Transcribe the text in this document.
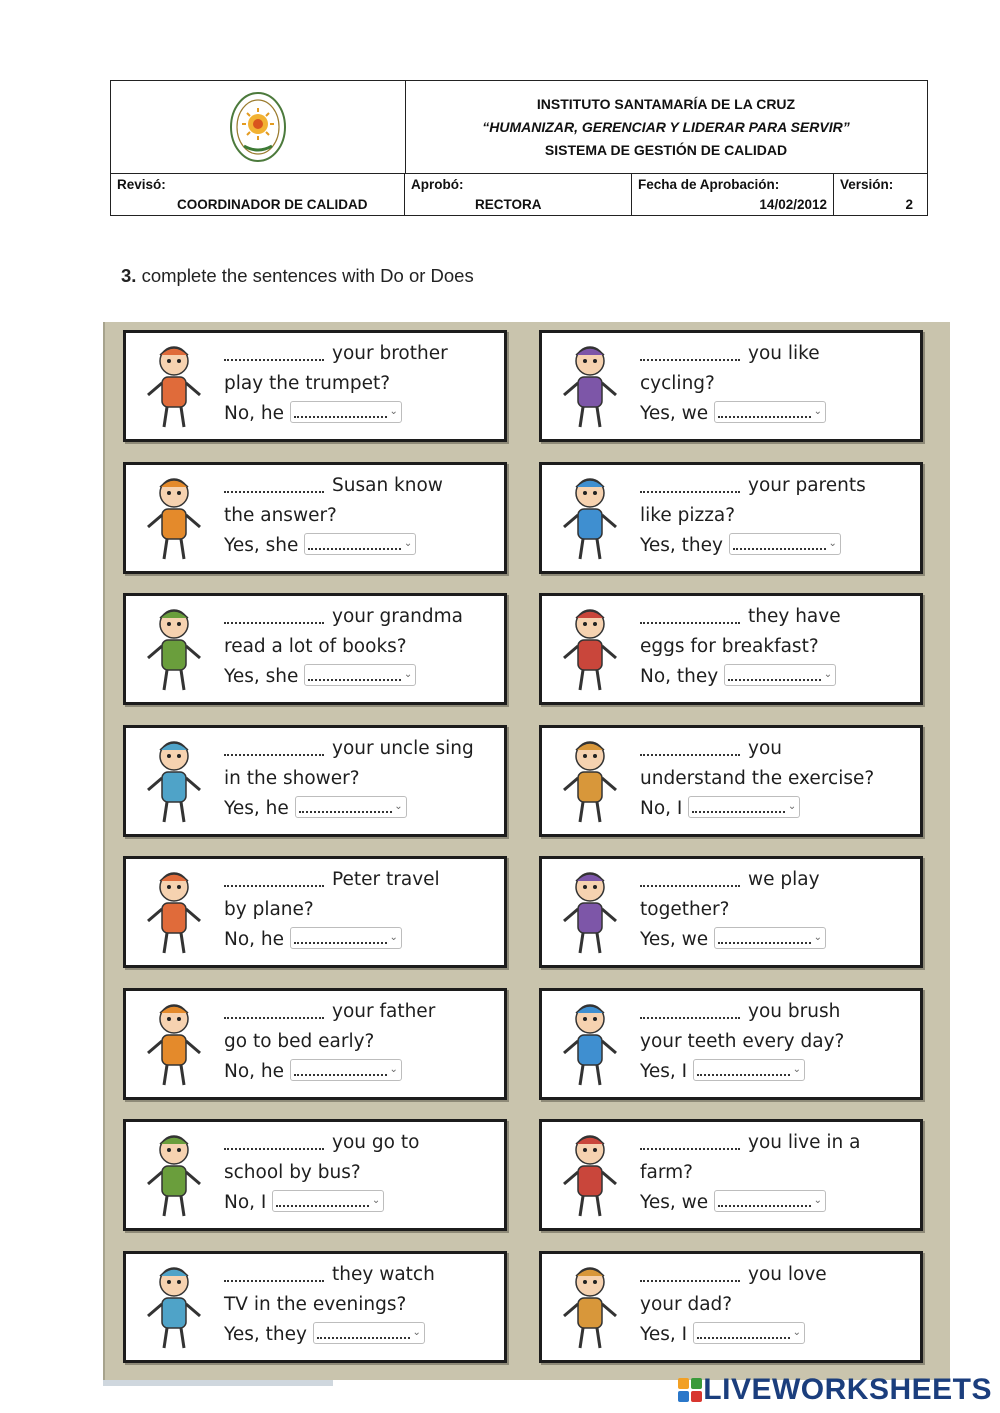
INSTITUTO SANTAMARÍA DE LA CRUZ
“HUMANIZAR, GERENCIAR Y LIDERAR PARA SERVIR”
SISTEMA DE GESTIÓN DE CALIDAD
Revisó:
COORDINADOR DE CALIDAD
Aprobó:
RECTORA
Fecha de Aprobación:
14/02/2012
Versión:
2
3. complete the sentences with Do or Does
your brother
play the trumpet?
No, he	⌄
you like
cycling?
Yes, we	⌄
Susan know
the answer?
Yes, she	⌄
your parents
like pizza?
Yes, they	⌄
your grandma
read a lot of books?
Yes, she	⌄
they have
eggs for breakfast?
No, they	⌄
your uncle sing
in the shower?
Yes, he	⌄
you
understand the exercise?
No, I	⌄
Peter travel
by plane?
No, he	⌄
we play
together?
Yes, we	⌄
your father
go to bed early?
No, he	⌄
you brush
your teeth every day?
Yes, I	⌄
you go to
school by bus?
No, I	⌄
you live in a
farm?
Yes, we	⌄
they watch
TV in the evenings?
Yes, they	⌄
you love
your dad?
Yes, I	⌄
LIVEWORKSHEETS
